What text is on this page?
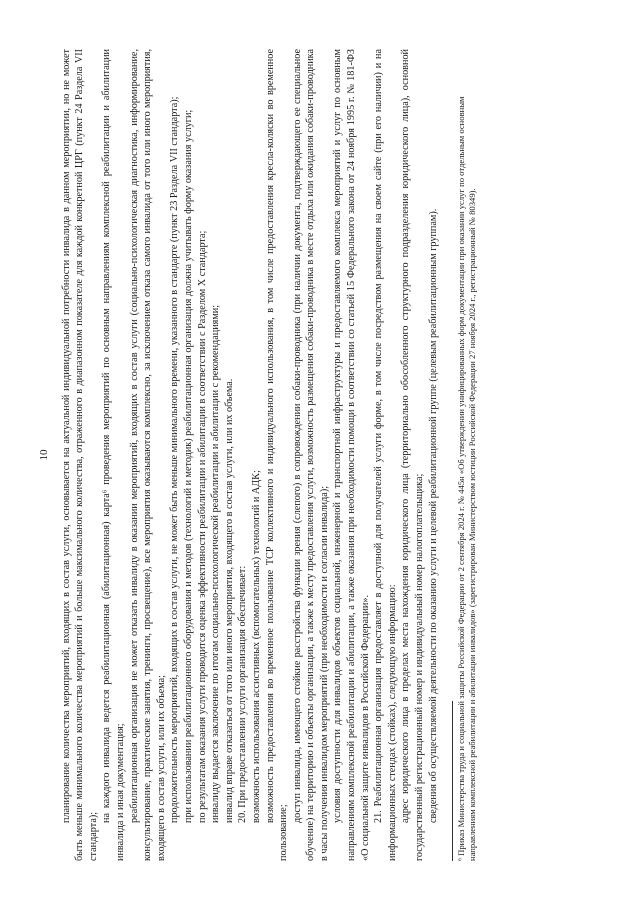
10 планирование количества мероприятий, входящих в состав услуги, основывается на актуальной индивидуальной потребности инвалида в данном мероприятии, но не может быть меньше минимального количества мероприятий и больше максимального количества, отраженного в диапазонном показателе для каждой конкретной ЦРГ (пункт 24 Раздела VII стандарта);

на каждого инвалида ведется реабилитационная (абилитационная) карта⁶ проведения мероприятий по основным направлениям комплексной реабилитации и абилитации инвалида и иная документация; реабилитационная организация не может отказать инвалиду в оказании мероприятий, входящих в состав услуги (социально-психологическая диагностика, информирование, консультирование, практические занятия, тренинги, просвещение), все мероприятия оказываются комплексно, за исключением отказа самого инвалида от того или иного мероприятия, входящего в состав услуги, или их объема; продолжительность мероприятий, входящих в состав услуги, не может быть меньше минимального времени, указанного в стандарте (пункт 23 Раздела VII стандарта); при использовании реабилитационного оборудования и методов (технологий и методик) реабилитационная организация должна учитывать форму оказания услуги; по результатам оказания услуги проводится оценка эффективности реабилитации и абилитации в соответствии с Разделом X стандарта; инвалиду выдается заключение по итогам социально-психологической реабилитации и абилитации с рекомендациями; инвалид вправе отказаться от того или иного мероприятия, входящего в состав услуги, или их объема. 20. При предоставлении услуги организация обеспечивает: возможность использования ассистивных (вспомогательных) технологий и АДК; возможность предоставления во временное пользование ТСР коллективного и индивидуального использования, в том числе предоставления кресла-коляски во временное пользование;

доступ инвалида, имеющего стойкие расстройства функции зрения (слепого) в сопровождении собаки-проводника (при наличии документа, подтверждающего ее специальное обучение) на территорию и объекты организации, а также к месту предоставления услуги, возможность размещения собаки-проводника в месте отдыха или ожидания собаки-проводника в часы получения инвалидом мероприятий (при необходимости и согласии инвалида); условия доступности для инвалидов объектов социальной, инженерной и транспортной инфраструктуры и предоставляемого комплекса мероприятий и услуг по основным направлениям комплексной реабилитации и абилитации, а также оказания при необходимости помощи в соответствии со статьей 15 Федерального закона от 24 ноября 1995 г. № 181-ФЗ «О социальной защите инвалидов в Российской Федерации». 21. Реабилитационная организация предоставляет в доступной для получателей услуги форме, в том числе посредством размещения на своем сайте (при его наличии) и на информационных стендах (стойках), следующую информацию: адрес юридического лица в пределах места нахождения юридического лица (территориально обособленного структурного подразделения юридического лица), основной государственный регистрационный номер и индивидуальный номер налогоплательщика; сведения об осуществляемой деятельности по оказанию услуги и целевой реабилитационной группе (целевым реабилитационным группам). ⁶ Приказ Министерства труда и социальной защиты Российской Федерации от 2 сентября 2024 г. № 445н «Об утверждении унифицированных форм документации при оказании услуг по отдельным основным направлениям комплексной реабилитации и абилитации инвалидов» (зарегистрирован Министерством юстиции Российской Федерации 27 ноября 2024 г., регистрационный № 80349).
